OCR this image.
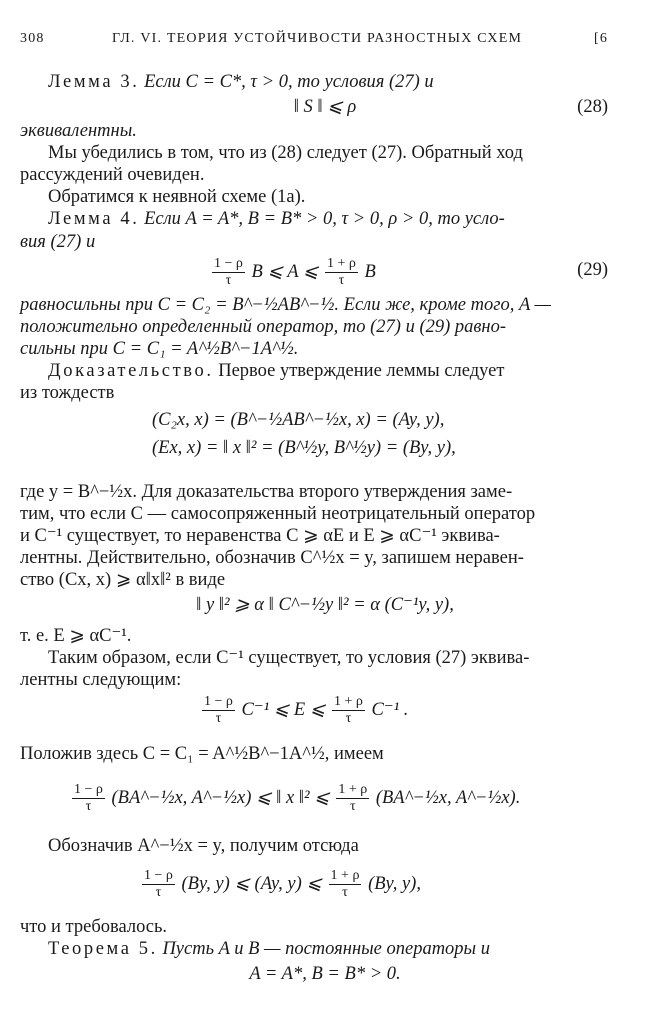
308	ГЛ. VI. ТЕОРИЯ УСТОЙЧИВОСТИ РАЗНОСТНЫХ СХЕМ	[6
Лемма 3. Если C = C*, τ > 0, то условия (27) и
‖ S ‖ ⩽ ρ	(28)
эквивалентны.
Мы убедились в том, что из (28) следует (27). Обратный ход
рассуждений очевиден.
Обратимся к неявной схеме (1а).
Лемма 4. Если A = A*, B = B* > 0, τ > 0, ρ > 0, то усло-
вия (27) и
$\frac{1 - \rho}{\tau}$ B ⩽ A ⩽ $\frac{1 + \rho}{\tau}$ B	(29)
равносильны при C = C₂ = B^−½AB^−½. Если же, кроме того, A —
положительно определенный оператор, то (27) и (29) равно-
сильны при C = C₁ = A^½B^−1A^½.
Доказательство. Первое утверждение леммы следует
из тождеств
(C₂x, x) = (B^−½AB^−½x, x) = (Ay, y),
(Ex, x) = ‖ x ‖² = (B^½y, B^½y) = (By, y),
где y = B^−½x. Для доказательства второго утверждения заме-
тим, что если C — самосопряженный неотрицательный оператор
и C⁻¹ существует, то неравенства C ⩾ αE и E ⩾ αC⁻¹ эквива-
лентны. Действительно, обозначив C^½x = y, запишем неравен-
ство (Cx, x) ⩾ α‖x‖² в виде
‖ y ‖² ⩾ α ‖ C^−½y ‖² = α (C⁻¹y, y),
т. е. E ⩾ αC⁻¹.
Таким образом, если C⁻¹ существует, то условия (27) эквива-
лентны следующим:
$\frac{1 - \rho}{\tau} C^{-1}$ ⩽ E ⩽ $\frac{1 + \rho}{\tau} C^{-1}$ .
Положив здесь C = C₁ = A^½B^−1A^½, имеем
$\frac{1 - \rho}{\tau}$ (BA^−½x, A^−½x) ⩽ ‖ x ‖² ⩽ $\frac{1 + \rho}{\tau}$ (BA^−½x, A^−½x).
Обозначив A^−½x = y, получим отсюда
$\frac{1 - \rho}{\tau} (By$, y) ⩽ (Ay, y) ⩽ $\frac{1 + \rho}{\tau} (By$, y),
что и требовалось.
Теорема 5. Пусть A и B — постоянные операторы и
A = A*, B = B* > 0.
